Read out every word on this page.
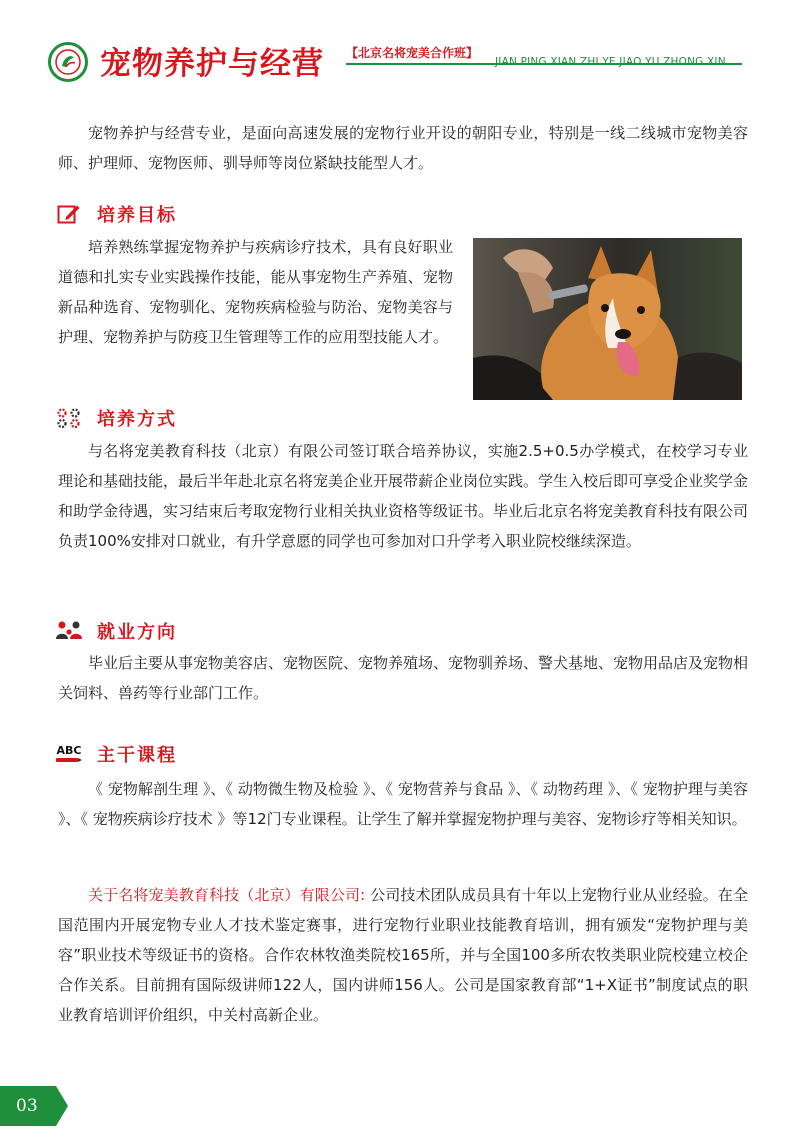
宠物养护与经营 【北京名将宠美合作班】
JIAN PING XIAN ZHI YE JIAO YU ZHONG XIN

宠物养护与经营专业，是面向高速发展的宠物行业开设的朝阳专业，特别是一线二线城市宠物美容师、护理师、宠物医师、驯导师等岗位紧缺技能型人才。

培养目标

培养熟练掌握宠物养护与疾病诊疗技术，具有良好职业道德和扎实专业实践操作技能，能从事宠物生产养殖、宠物新品种选育、宠物驯化、宠物疾病检验与防治、宠物美容与护理、宠物养护与防疫卫生管理等工作的应用型技能人才。

培养方式

与名将宠美教育科技（北京）有限公司签订联合培养协议，实施2.5+0.5办学模式，在校学习专业理论和基础技能，最后半年赴北京名将宠美企业开展带薪企业岗位实践。学生入校后即可享受企业奖学金和助学金待遇，实习结束后考取宠物行业相关执业资格等级证书。毕业后北京名将宠美教育科技有限公司负责100%安排对口就业，有升学意愿的同学也可参加对口升学考入职业院校继续深造。

就业方向

毕业后主要从事宠物美容店、宠物医院、宠物养殖场、宠物驯养场、警犬基地、宠物用品店及宠物相关饲料、兽药等行业部门工作。

ABC 主干课程

《 宠物解剖生理 》、《 动物微生物及检验 》、《 宠物营养与食品 》、《 动物药理 》、《 宠物护理与美容 》、《 宠物疾病诊疗技术 》等12门专业课程。让学生了解并掌握宠物护理与美容、宠物诊疗等相关知识。

关于名将宠美教育科技（北京）有限公司: 公司技术团队成员具有十年以上宠物行业从业经验。在全国范围内开展宠物专业人才技术鉴定赛事，进行宠物行业职业技能教育培训，拥有颁发“宠物护理与美容”职业技术等级证书的资格。合作农林牧渔类院校165所，并与全国100多所农牧类职业院校建立校企合作关系。目前拥有国际级讲师122人，国内讲师156人。公司是国家教育部“1+X证书”制度试点的职业教育培训评价组织，中关村高新企业。

03
